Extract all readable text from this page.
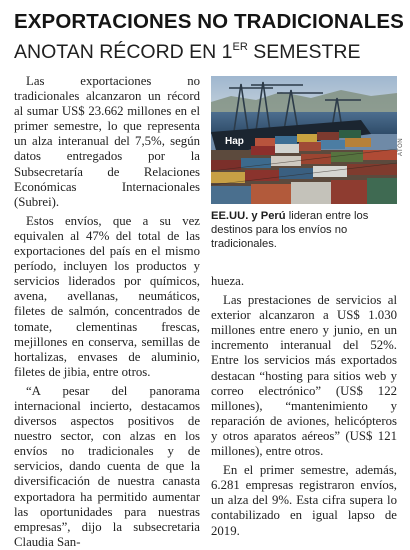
EXPORTACIONES NO TRADICIONALES
ANOTAN RÉCORD EN 1ER SEMESTRE

Las exportaciones no tradicionales alcanzaron un récord al sumar US$ 23.662 millones en el primer semestre, lo que representa un alza interanual del 7,5%, según datos entregados por la Subsecretaría de Relaciones Económicas Internacionales (Subrei).

Estos envíos, que a su vez equivalen al 47% del total de las exportaciones del país en el mismo período, incluyen los productos y servicios liderados por químicos, avena, avellanas, neumáticos, filetes de salmón, concentrados de tomate, clementinas frescas, mejillones en conserva, semillas de hortalizas, envases de aluminio, filetes de jibia, entre otros.

“A pesar del panorama internacional incierto, destacamos diversos aspectos positivos de nuestro sector, con alzas en los envíos no tradicionales y de servicios, dando cuenta de que la diversificación de nuestra canasta exportadora ha permitido aumentar las oportunidades para nuestras empresas”, dijo la subsecretaria Claudia San-

Hap	ATON
EE.UU. y Perú lideran entre los destinos para los envíos no tradicionales.

hueza.

Las prestaciones de servicios al exterior alcanzaron a US$ 1.030 millones entre enero y junio, en un incremento interanual del 52%. Entre los servicios más exportados destacan “hosting para sitios web y correo electrónico” (US$ 122 millones), “mantenimiento y reparación de aviones, helicópteros y otros aparatos aéreos” (US$ 121 millones), entre otros.

En el primer semestre, además, 6.281 empresas registraron envíos, un alza del 9%. Esta cifra supera lo contabilizado en igual lapso de 2019.
